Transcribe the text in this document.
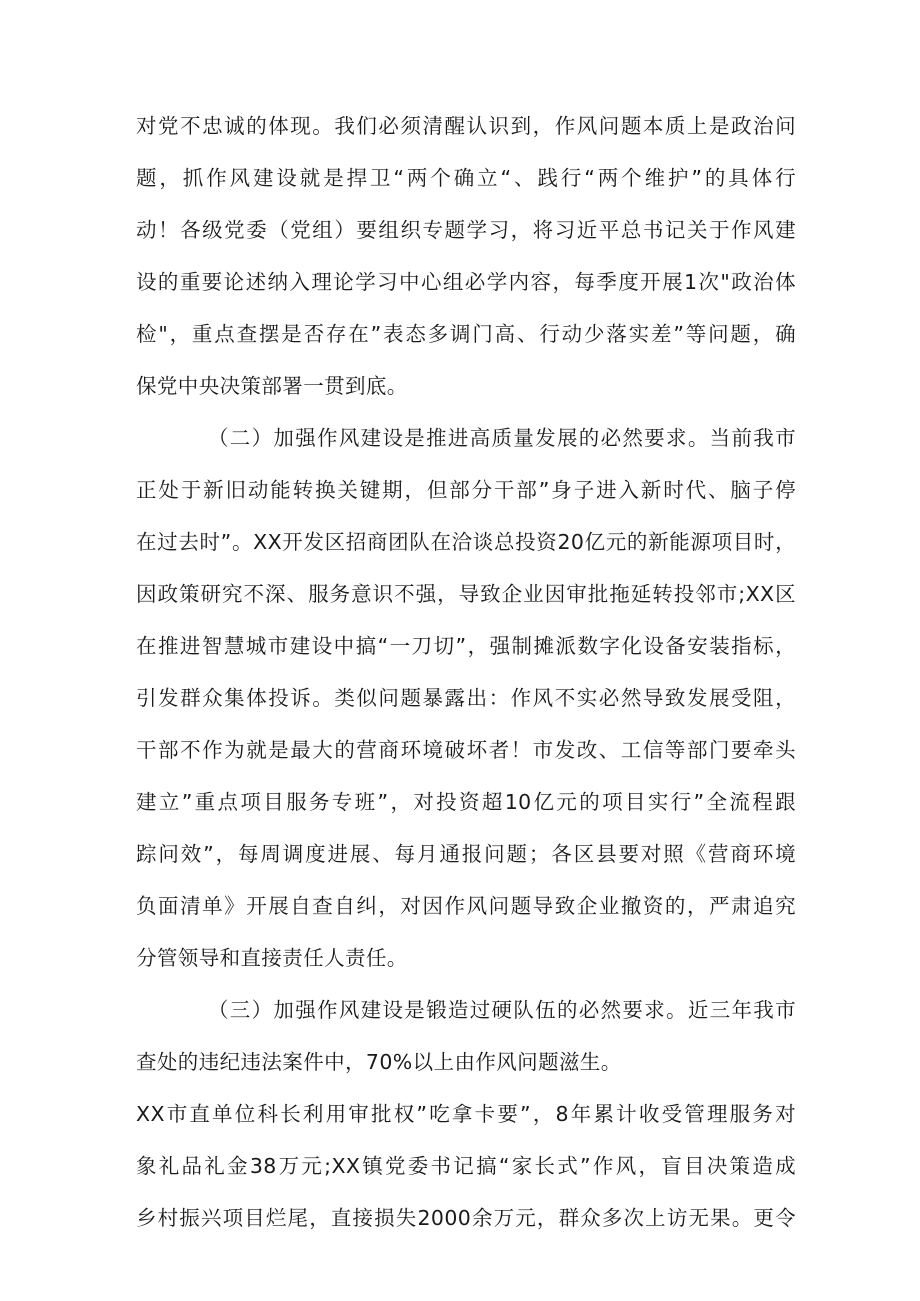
对党不忠诚的体现。我们必须清醒认识到，作风问题本质上是政治问
题，抓作风建设就是捍卫“两个确立“、践行“两个维护”的具体行
动！各级党委（党组）要组织专题学习，将习近平总书记关于作风建
设的重要论述纳入理论学习中心组必学内容，每季度开展1次"政治体
检"，重点查摆是否存在”表态多调门高、行动少落实差”等问题，确
保党中央决策部署一贯到底。
（二）加强作风建设是推进高质量发展的必然要求。当前我市
正处于新旧动能转换关键期，但部分干部”身子进入新时代、脑子停
在过去时”。XX开发区招商团队在洽谈总投资20亿元的新能源项目时，
因政策研究不深、服务意识不强，导致企业因审批拖延转投邻市;XX区
在推进智慧城市建设中搞“一刀切”，强制摊派数字化设备安装指标，
引发群众集体投诉。类似问题暴露出：作风不实必然导致发展受阻，
干部不作为就是最大的营商环境破坏者！市发改、工信等部门要牵头
建立”重点项目服务专班”，对投资超10亿元的项目实行”全流程跟
踪问效”，每周调度进展、每月通报问题；各区县要对照《营商环境
负面清单》开展自查自纠，对因作风问题导致企业撤资的，严肃追究
分管领导和直接责任人责任。
（三）加强作风建设是锻造过硬队伍的必然要求。近三年我市
查处的违纪违法案件中，70%以上由作风问题滋生。
XX市直单位科长利用审批权”吃拿卡要”，8年累计收受管理服务对
象礼品礼金38万元;XX镇党委书记搞“家长式”作风，盲目决策造成
乡村振兴项目烂尾，直接损失2000余万元，群众多次上访无果。更令
